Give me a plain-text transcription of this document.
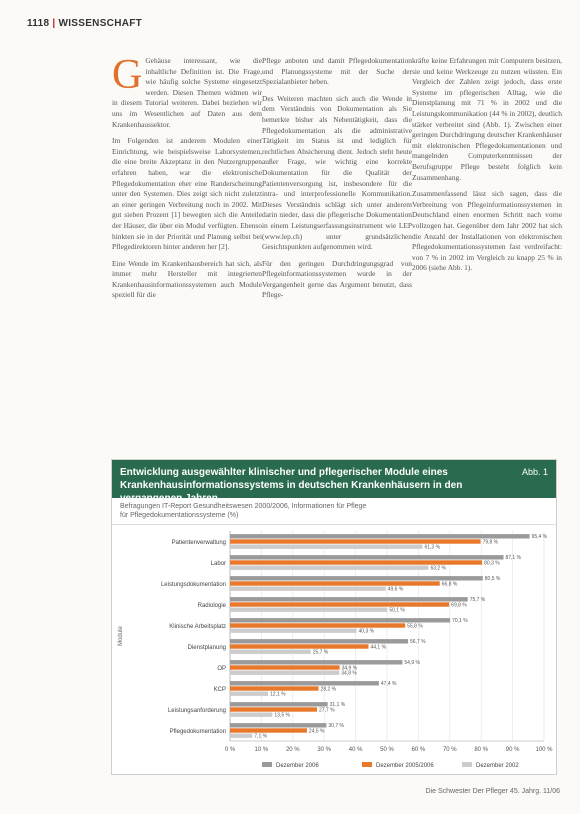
1118 | WISSENSCHAFT

G Gehäuse interessant, wie die inhaltliche Definition ist. Die Frage, wie häufig solche Systeme eingesetzt werden. Diesen Themen widmen wir in diesem Tutorial weiteren. Dabei beziehen wir uns im Wesentlichen auf Daten aus dem Krankenhaussektor.

Im Folgenden ist anderem Modulen einer Einrichtung, wie beispielsweise Laborsystemen, die eine breite Akzeptanz in den Nutzergruppen erfahren haben, war die elektronische Pflegedokumentation eher eine Randerscheinung unter den Systemen. Dies zeigt sich nicht zuletzt an einer geringen Verbreitung noch in 2002. Mit gut sieben Prozent [1] bewegten sich die Anteile der Häuser, die über ein Modul verfügten. Ebenso hinkten sie in der Priorität und Planung selbst bei Pflegedirektoren hinter anderen her [2].

Eine Wende im Krankenhausbereich hat sich, als immer mehr Hersteller mit integrierten Krankenhausinformationssystemen auch Module speziell für die

Pflege anboten und damit Pflegedokumentation und Planungssysteme mit der Suche der Spezialanbieter heben.

Des Weiteren machten sich auch die Wende in dem Verständnis von Dokumentation als Sie bemerkte bisher als Nebentätigkeit, dass die Pflegedokumentation als die administrative Tätigkeit im Status ist und lediglich für rechtlichen Absicherung dient. Jedoch steht heute außer Frage, wie wichtig eine korrekte Dokumentation für die Qualität der Patientenversorgung ist, insbesondere für die intra- und interprofessionelle Kommunikation. Dieses Verständnis schlägt sich unter anderem darin nieder, dass die pflegerische Dokumentation in einem Leistungserfassungsinstrument wie LEP (www.lep.ch) unter grundsätzlichen Gesichtspunkten aufgenommen wird.

Für den geringen Durchdringungsgrad von Pflegeinformationssystemen wurde in der Vergangenheit gerne das Argument benutzt, dass Pflege-

kräfte keine Erfahrungen mit Computern besitzen, sie und keine Werkzeuge zu nutzen wüssten. Ein Vergleich der Zahlen zeigt jedoch, dass erste Systeme im pflegerischen Alltag, wie die Dienstplanung mit 71 % in 2002 und die Leistungskommunikation (44 % in 2002), deutlich stärker verbreitet sind (Abb. 1). Zwischen einer geringen Durchdringung deutscher Krankenhäuser mit elektronischen Pflegedokumentationen und mangelnden Computerkenntnissen der Berufsgruppe Pflege besteht folglich kein Zusammenhang.

Zusammenfassend lässt sich sagen, dass die Verbreitung von Pflegeinformationssystemen in Deutschland einen enormen Schritt nach vorne vollzogen hat. Gegenüber dem Jahr 2002 hat sich die Anzahl der Installationen von elektronischen Pflegedokumentationssystemen fast verdreifacht: von 7 % in 2002 im Vergleich zu knapp 25 % in 2006 (siehe Abb. 1).

Entwicklung ausgewählter klinischer und pflegerischer Module eines
Krankenhausinformationssystems in deutschen Krankenhäusern in den vergangenen Jahren
Abb. 1
Befragungen IT-Report Gesundheitswesen 2000/2006, Informationen für Pflege
für Pflegedokumentationssysteme (%)
0 %	10 %	20 %	30 %	40 %	50 %	60 %	70 %	80 %	90 %	100 %
Module
Patientenverwaltung
95,4 %
79,8 %
61,3 %
Labor
87,1 %
80,3 %
63,2 %
Leistungsdokumentation
80,5 %
66,8 %
49,6 %
Radiologie
75,7 %
69,8 %
50,1 %
Klinische Arbeitsplatz
70,1 %
55,8 %
40,3 %
Dienstplanung
56,7 %
44,1 %
25,7 %
OP
54,9 %
34,9 %
34,8 %
KCP
47,4 %
28,2 %
12,1 %
Leistungsanforderung
31,1 %
27,7 %
13,5 %
Pflegedokumentation
30,7 %
24,5 %
7,1 %
Dezember 2006	Dezember 2005/2006	Dezember 2002
Die Schwester Der Pfleger 45. Jahrg. 11/06
